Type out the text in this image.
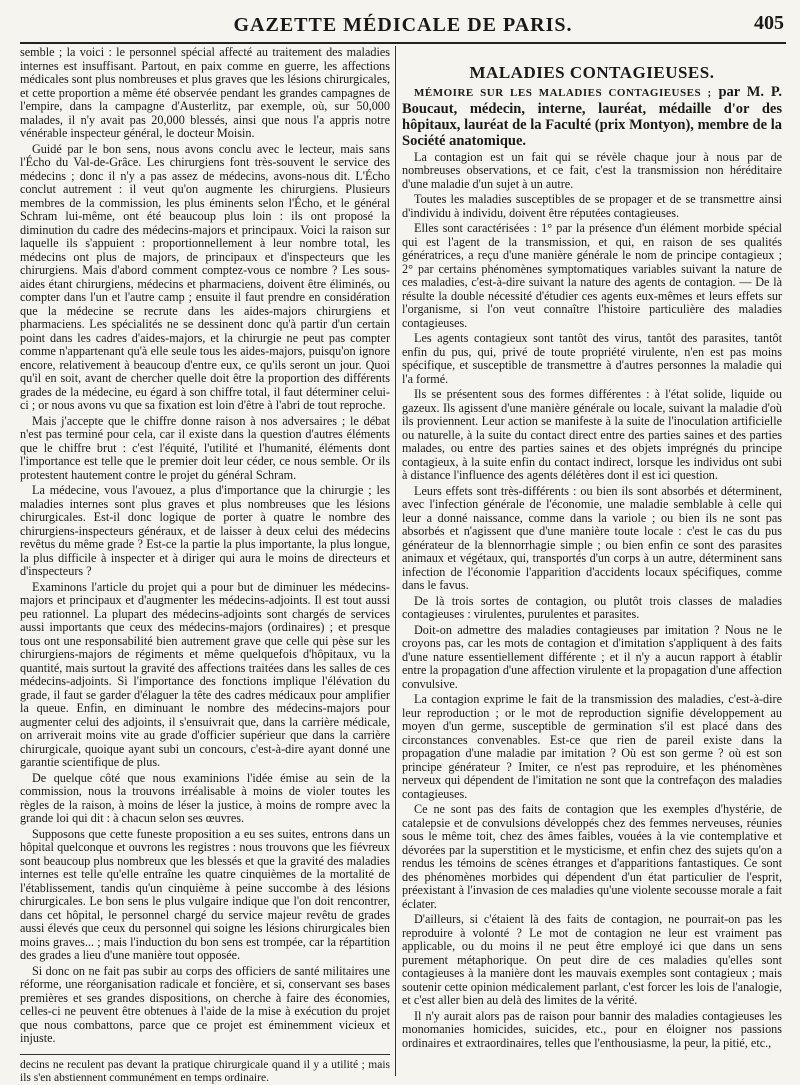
GAZETTE MÉDICALE DE PARIS.	405

semble ; la voici : le personnel spécial affecté au traitement des maladies internes est insuffisant. Partout, en paix comme en guerre, les affections médicales sont plus nombreuses et plus graves que les lésions chirurgicales, et cette proportion a même été observée pendant les grandes campagnes de l'empire, dans la campagne d'Austerlitz, par exemple, où, sur 50,000 malades, il n'y avait pas 20,000 blessés, ainsi que nous l'a appris notre vénérable inspecteur général, le docteur Moisin.

Guidé par le bon sens, nous avons conclu avec le lecteur, mais sans l'Écho du Val-de-Grâce. Les chirurgiens font très-souvent le service des médecins ; donc il n'y a pas assez de médecins, avons-nous dit. L'Écho conclut autrement : il veut qu'on augmente les chirurgiens. Plusieurs membres de la commission, les plus éminents selon l'Écho, et le général Schram lui-même, ont été beaucoup plus loin : ils ont proposé la diminution du cadre des médecins-majors et principaux. Voici la raison sur laquelle ils s'appuient : proportionnellement à leur nombre total, les médecins ont plus de majors, de principaux et d'inspecteurs que les chirurgiens. Mais d'abord comment comptez-vous ce nombre ? Les sous-aides étant chirurgiens, médecins et pharmaciens, doivent être éliminés, ou compter dans l'un et l'autre camp ; ensuite il faut prendre en considération que la médecine se recrute dans les aides-majors chirurgiens et pharmaciens. Les spécialités ne se dessinent donc qu'à partir d'un certain point dans les cadres d'aides-majors, et la chirurgie ne peut pas compter comme n'appartenant qu'à elle seule tous les aides-majors, puisqu'on ignore encore, relativement à beaucoup d'entre eux, ce qu'ils seront un jour. Quoi qu'il en soit, avant de chercher quelle doit être la proportion des différents grades de la médecine, eu égard à son chiffre total, il faut déterminer celui-ci ; or nous avons vu que sa fixation est loin d'être à l'abri de tout reproche.

Mais j'accepte que le chiffre donne raison à nos adversaires ; le débat n'est pas terminé pour cela, car il existe dans la question d'autres éléments que le chiffre brut : c'est l'équité, l'utilité et l'humanité, éléments dont l'importance est telle que le premier doit leur céder, ce nous semble. Or ils protestent hautement contre le projet du général Schram.

La médecine, vous l'avouez, a plus d'importance que la chirurgie ; les maladies internes sont plus graves et plus nombreuses que les lésions chirurgicales. Est-il donc logique de porter à quatre le nombre des chirurgiens-inspecteurs généraux, et de laisser à deux celui des médecins revêtus du même grade ? Est-ce la partie la plus importante, la plus longue, la plus difficile à inspecter et à diriger qui aura le moins de directeurs et d'inspecteurs ?

Examinons l'article du projet qui a pour but de diminuer les médecins-majors et principaux et d'augmenter les médecins-adjoints. Il est tout aussi peu rationnel. La plupart des médecins-adjoints sont chargés de services aussi importants que ceux des médecins-majors (ordinaires) ; et presque tous ont une responsabilité bien autrement grave que celle qui pèse sur les chirurgiens-majors de régiments et même quelquefois d'hôpitaux, vu la quantité, mais surtout la gravité des affections traitées dans les salles de ces médecins-adjoints. Si l'importance des fonctions implique l'élévation du grade, il faut se garder d'élaguer la tête des cadres médicaux pour amplifier la queue. Enfin, en diminuant le nombre des médecins-majors pour augmenter celui des adjoints, il s'ensuivrait que, dans la carrière médicale, on arriverait moins vite au grade d'officier supérieur que dans la carrière chirurgicale, quoique ayant subi un concours, c'est-à-dire ayant donné une garantie scientifique de plus.

De quelque côté que nous examinions l'idée émise au sein de la commission, nous la trouvons irréalisable à moins de violer toutes les règles de la raison, à moins de léser la justice, à moins de rompre avec la grande loi qui dit : à chacun selon ses œuvres.

Supposons que cette funeste proposition a eu ses suites, entrons dans un hôpital quelconque et ouvrons les registres : nous trouvons que les fiévreux sont beaucoup plus nombreux que les blessés et que la gravité des maladies internes est telle qu'elle entraîne les quatre cinquièmes de la mortalité de l'établissement, tandis qu'un cinquième à peine succombe à des lésions chirurgicales. Le bon sens le plus vulgaire indique que l'on doit rencontrer, dans cet hôpital, le personnel chargé du service majeur revêtu de grades aussi élevés que ceux du personnel qui soigne les lésions chirurgicales bien moins graves... ; mais l'induction du bon sens est trompée, car la répartition des grades a lieu d'une manière tout opposée.

Si donc on ne fait pas subir au corps des officiers de santé militaires une réforme, une réorganisation radicale et foncière, et si, conservant ses bases premières et ses grandes dispositions, on cherche à faire des économies, celles-ci ne peuvent être obtenues à l'aide de la mise à exécution du projet que nous combattons, parce que ce projet est éminemment vicieux et injuste.

decins ne reculent pas devant la pratique chirurgicale quand il y a utilité ; mais ils s'en abstiennent communément en temps ordinaire.

MALADIES CONTAGIEUSES.

MÉMOIRE SUR LES MALADIES CONTAGIEUSES ; par M. P. Boucaut, médecin, interne, lauréat, médaille d'or des hôpitaux, lauréat de la Faculté (prix Montyon), membre de la Société anatomique.

La contagion est un fait qui se révèle chaque jour à nous par de nombreuses observations, et ce fait, c'est la transmission non héréditaire d'une maladie d'un sujet à un autre.

Toutes les maladies susceptibles de se propager et de se transmettre ainsi d'individu à individu, doivent être réputées contagieuses.

Elles sont caractérisées : 1° par la présence d'un élément morbide spécial qui est l'agent de la transmission, et qui, en raison de ses qualités génératrices, a reçu d'une manière générale le nom de principe contagieux ; 2° par certains phénomènes symptomatiques variables suivant la nature de ces maladies, c'est-à-dire suivant la nature des agents de contagion. — De là résulte la double nécessité d'étudier ces agents eux-mêmes et leurs effets sur l'organisme, si l'on veut connaître l'histoire particulière des maladies contagieuses.

Les agents contagieux sont tantôt des virus, tantôt des parasites, tantôt enfin du pus, qui, privé de toute propriété virulente, n'en est pas moins spécifique, et susceptible de transmettre à d'autres personnes la maladie qui l'a formé.

Ils se présentent sous des formes différentes : à l'état solide, liquide ou gazeux. Ils agissent d'une manière générale ou locale, suivant la maladie d'où ils proviennent. Leur action se manifeste à la suite de l'inoculation artificielle ou naturelle, à la suite du contact direct entre des parties saines et des parties malades, ou entre des parties saines et des objets imprégnés du principe contagieux, à la suite enfin du contact indirect, lorsque les individus ont subi à distance l'influence des agents délétères dont il est ici question.

Leurs effets sont très-différents : ou bien ils sont absorbés et déterminent, avec l'infection générale de l'économie, une maladie semblable à celle qui leur a donné naissance, comme dans la variole ; ou bien ils ne sont pas absorbés et n'agissent que d'une manière toute locale : c'est le cas du pus générateur de la blennorrhagie simple ; ou bien enfin ce sont des parasites animaux et végétaux, qui, transportés d'un corps à un autre, déterminent sans infection de l'économie l'apparition d'accidents locaux spécifiques, comme dans le favus.

De là trois sortes de contagion, ou plutôt trois classes de maladies contagieuses : virulentes, purulentes et parasites.

Doit-on admettre des maladies contagieuses par imitation ? Nous ne le croyons pas, car les mots de contagion et d'imitation s'appliquent à des faits d'une nature essentiellement différente ; et il n'y a aucun rapport à établir entre la propagation d'une affection virulente et la propagation d'une affection convulsive.

La contagion exprime le fait de la transmission des maladies, c'est-à-dire leur reproduction ; or le mot de reproduction signifie développement au moyen d'un germe, susceptible de germination s'il est placé dans des circonstances convenables. Est-ce que rien de pareil existe dans la propagation d'une maladie par imitation ? Où est son germe ? où est son principe générateur ? Imiter, ce n'est pas reproduire, et les phénomènes nerveux qui dépendent de l'imitation ne sont que la contrefaçon des maladies contagieuses.

Ce ne sont pas des faits de contagion que les exemples d'hystérie, de catalepsie et de convulsions développés chez des femmes nerveuses, réunies sous le même toit, chez des âmes faibles, vouées à la vie contemplative et dévorées par la superstition et le mysticisme, et enfin chez des sujets qu'on a rendus les témoins de scènes étranges et d'apparitions fantastiques. Ce sont des phénomènes morbides qui dépendent d'un état particulier de l'esprit, préexistant à l'invasion de ces maladies qu'une violente secousse morale a fait éclater.

D'ailleurs, si c'étaient là des faits de contagion, ne pourrait-on pas les reproduire à volonté ? Le mot de contagion ne leur est vraiment pas applicable, ou du moins il ne peut être employé ici que dans un sens purement métaphorique. On peut dire de ces maladies qu'elles sont contagieuses à la manière dont les mauvais exemples sont contagieux ; mais soutenir cette opinion médicalement parlant, c'est forcer les lois de l'analogie, et c'est aller bien au delà des limites de la vérité.

Il n'y aurait alors pas de raison pour bannir des maladies contagieuses les monomanies homicides, suicides, etc., pour en éloigner nos passions ordinaires et extraordinaires, telles que l'enthousiasme, la peur, la pitié, etc.,
